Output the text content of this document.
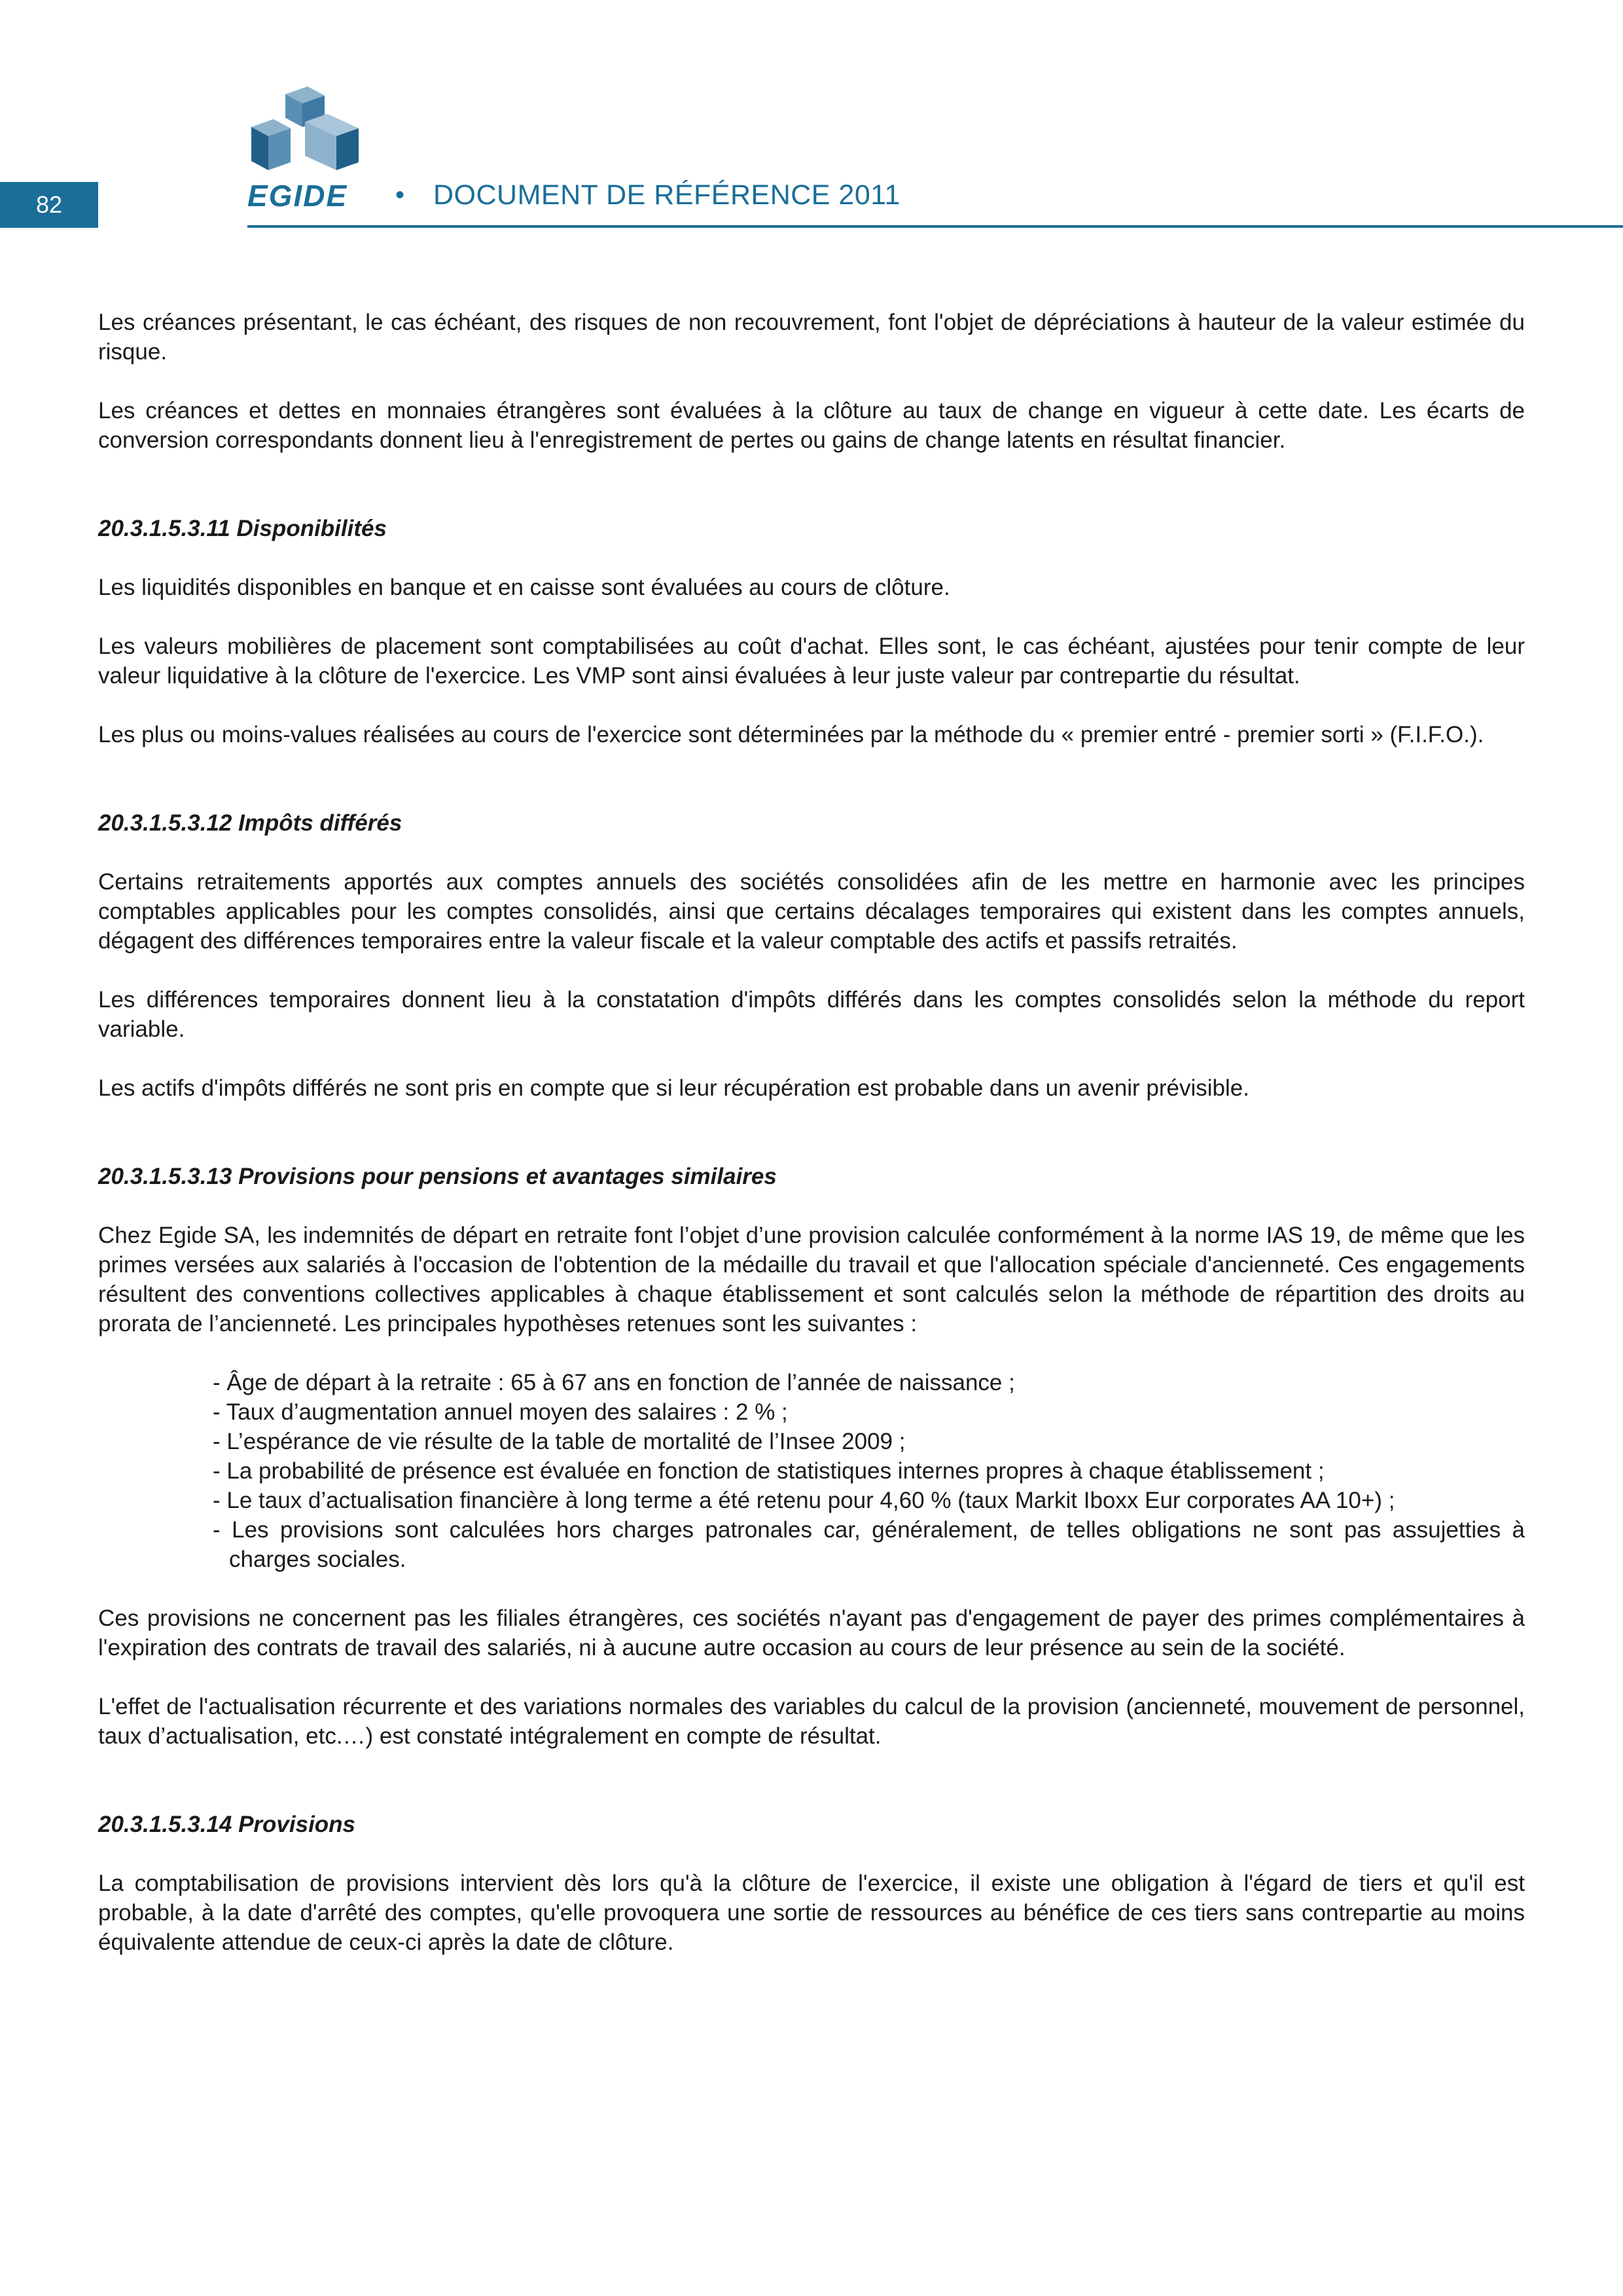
82	EGIDE • DOCUMENT DE RÉFÉRENCE 2011

Les créances présentant, le cas échéant, des risques de non recouvrement, font l'objet de dépréciations à hauteur de la valeur estimée du risque.

Les créances et dettes en monnaies étrangères sont évaluées à la clôture au taux de change en vigueur à cette date. Les écarts de conversion correspondants donnent lieu à l'enregistrement de pertes ou gains de change latents en résultat financier.

20.3.1.5.3.11 Disponibilités

Les liquidités disponibles en banque et en caisse sont évaluées au cours de clôture.

Les valeurs mobilières de placement sont comptabilisées au coût d'achat. Elles sont, le cas échéant, ajustées pour tenir compte de leur valeur liquidative à la clôture de l'exercice. Les VMP sont ainsi évaluées à leur juste valeur par contrepartie du résultat.

Les plus ou moins-values réalisées au cours de l'exercice sont déterminées par la méthode du « premier entré - premier sorti » (F.I.F.O.).

20.3.1.5.3.12 Impôts différés

Certains retraitements apportés aux comptes annuels des sociétés consolidées afin de les mettre en harmonie avec les principes comptables applicables pour les comptes consolidés, ainsi que certains décalages temporaires qui existent dans les comptes annuels, dégagent des différences temporaires entre la valeur fiscale et la valeur comptable des actifs et passifs retraités.

Les différences temporaires donnent lieu à la constatation d'impôts différés dans les comptes consolidés selon la méthode du report variable.

Les actifs d'impôts différés ne sont pris en compte que si leur récupération est probable dans un avenir prévisible.

20.3.1.5.3.13 Provisions pour pensions et avantages similaires

Chez Egide SA, les indemnités de départ en retraite font l’objet d’une provision calculée conformément à la norme IAS 19, de même que les primes versées aux salariés à l'occasion de l'obtention de la médaille du travail et que l'allocation spéciale d'ancienneté. Ces engagements résultent des conventions collectives applicables à chaque établissement et sont calculés selon la méthode de répartition des droits au prorata de l’ancienneté. Les principales hypothèses retenues sont les suivantes :

- Âge de départ à la retraite : 65 à 67 ans en fonction de l’année de naissance ;
- Taux d’augmentation annuel moyen des salaires : 2 % ;
- L’espérance de vie résulte de la table de mortalité de l’Insee 2009 ;
- La probabilité de présence est évaluée en fonction de statistiques internes propres à chaque établissement ;
- Le taux d’actualisation financière à long terme a été retenu pour 4,60 % (taux Markit Iboxx Eur corporates AA 10+) ;
- Les provisions sont calculées hors charges patronales car, généralement, de telles obligations ne sont pas assujetties à charges sociales.

Ces provisions ne concernent pas les filiales étrangères, ces sociétés n'ayant pas d'engagement de payer des primes complémentaires à l'expiration des contrats de travail des salariés, ni à aucune autre occasion au cours de leur présence au sein de la société.

L'effet de l'actualisation récurrente et des variations normales des variables du calcul de la provision (ancienneté, mouvement de personnel, taux d’actualisation, etc.…) est constaté intégralement en compte de résultat.

20.3.1.5.3.14 Provisions

La comptabilisation de provisions intervient dès lors qu'à la clôture de l'exercice, il existe une obligation à l'égard de tiers et qu'il est probable, à la date d'arrêté des comptes, qu'elle provoquera une sortie de ressources au bénéfice de ces tiers sans contrepartie au moins équivalente attendue de ceux-ci après la date de clôture.
